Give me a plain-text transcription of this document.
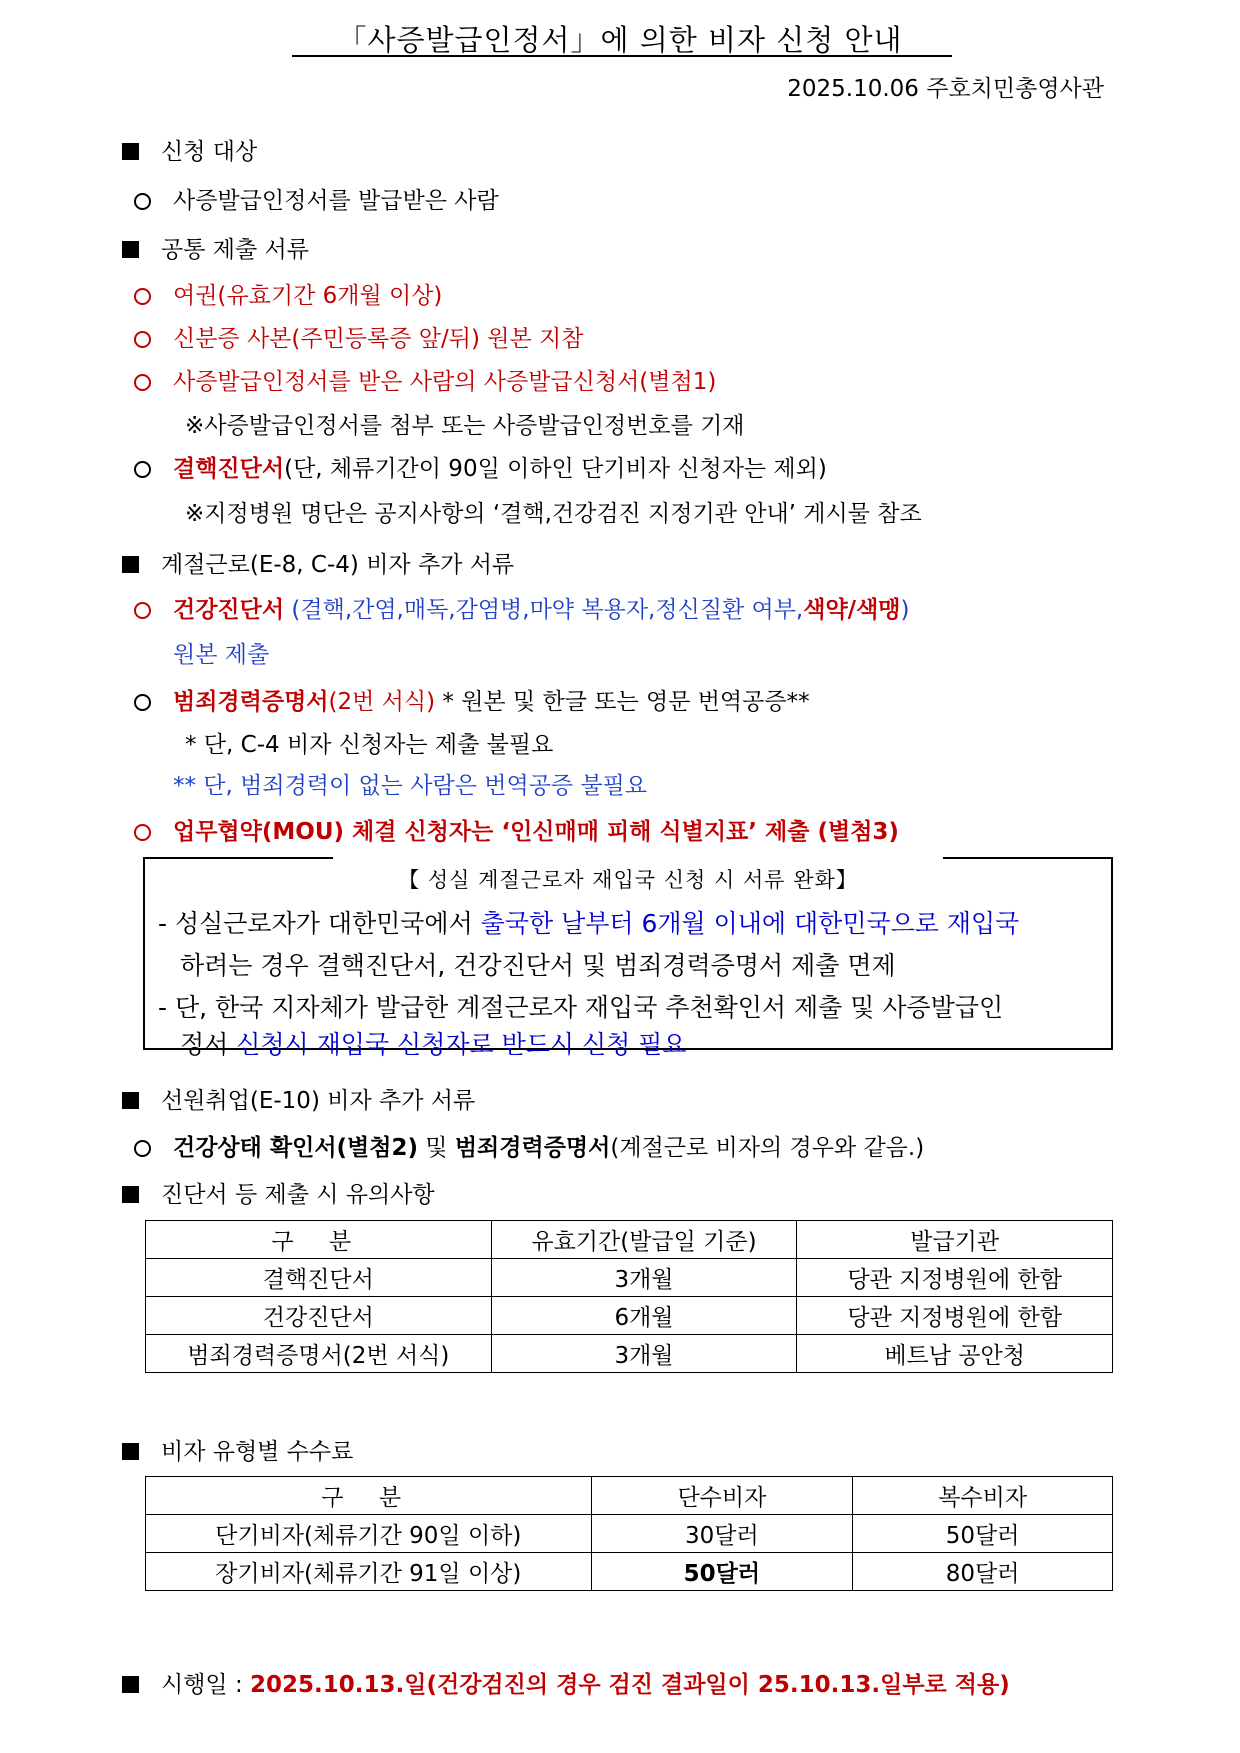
「사증발급인정서」에 의한 비자 신청 안내
2025.10.06 주호치민총영사관
신청 대상
사증발급인정서를 발급받은 사람
공통 제출 서류
여권(유효기간 6개월 이상)
신분증 사본(주민등록증 앞/뒤) 원본 지참
사증발급인정서를 받은 사람의 사증발급신청서(별첨1)
※사증발급인정서를 첨부 또는 사증발급인정번호를 기재
결핵진단서(단, 체류기간이 90일 이하인 단기비자 신청자는 제외)
※지정병원 명단은 공지사항의 ‘결핵,건강검진 지정기관 안내’ 게시물 참조
계절근로(E-8, C-4) 비자 추가 서류
건강진단서 (결핵,간염,매독,감염병,마약 복용자,정신질환 여부,색약/색맹)
원본 제출
범죄경력증명서(2번 서식) * 원본 및 한글 또는 영문 번역공증**
* 단, C-4 비자 신청자는 제출 불필요
** 단, 범죄경력이 없는 사람은 번역공증 불필요
업무협약(MOU) 체결 신청자는 ‘인신매매 피해 식별지표’ 제출 (별첨3)
【 성실 계절근로자 재입국 신청 시 서류 완화】
- 성실근로자가 대한민국에서 출국한 날부터 6개월 이내에 대한민국으로 재입국
하려는 경우 결핵진단서, 건강진단서 및 범죄경력증명서 제출 면제
- 단, 한국 지자체가 발급한 계절근로자 재입국 추천확인서 제출 및 사증발급인
정서 신청시 재입국 신청자로 반드시 신청 필요
선원취업(E-10) 비자 추가 서류
건강상태 확인서(별첨2) 및 범죄경력증명서(계절근로 비자의 경우와 같음.)
진단서 등 제출 시 유의사항
구 분	유효기간(발급일 기준)	발급기관
결핵진단서	3개월	당관 지정병원에 한함
건강진단서	6개월	당관 지정병원에 한함
범죄경력증명서(2번 서식)	3개월	베트남 공안청
비자 유형별 수수료
구 분	단수비자	복수비자
단기비자(체류기간 90일 이하)	30달러	50달러
장기비자(체류기간 91일 이상)	50달러	80달러
시행일 : 2025.10.13.일(건강검진의 경우 검진 결과일이 25.10.13.일부로 적용)
